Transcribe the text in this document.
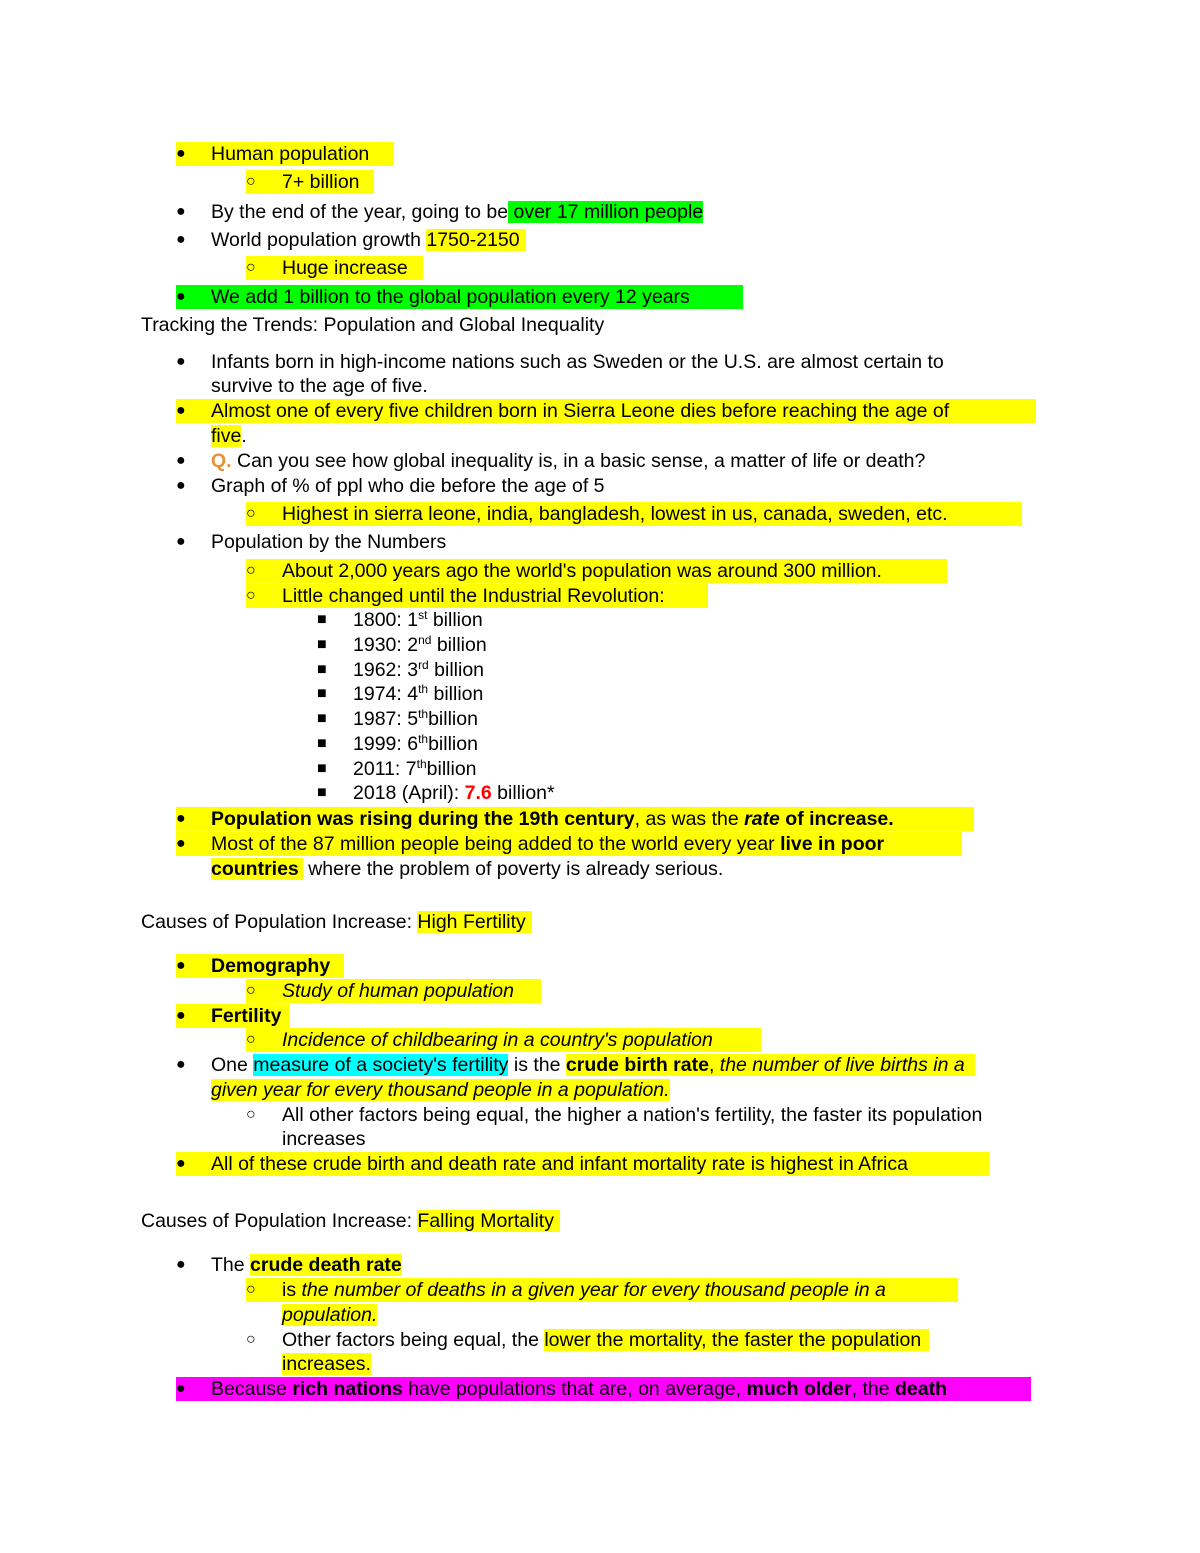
● Human population
○ 7+ billion
● By the end of the year, going to be over 17 million people
● World population growth 1750-2150
○ Huge increase
● We add 1 billion to the global population every 12 years
Tracking the Trends: Population and Global Inequality
● Infants born in high-income nations such as Sweden or the U.S. are almost certain to
survive to the age of five.
● Almost one of every five children born in Sierra Leone dies before reaching the age of
five.
● Q. Can you see how global inequality is, in a basic sense, a matter of life or death?
● Graph of % of ppl who die before the age of 5
○ Highest in sierra leone, india, bangladesh, lowest in us, canada, sweden, etc.
● Population by the Numbers
○ About 2,000 years ago the world's population was around 300 million.
○ Little changed until the Industrial Revolution:
■ 1800: 1st billion
■ 1930: 2nd billion
■ 1962: 3rd billion
■ 1974: 4th billion
■ 1987: 5thbillion
■ 1999: 6thbillion
■ 2011: 7thbillion
■ 2018 (April): 7.6 billion*
● Population was rising during the 19th century, as was the rate of increase.
● Most of the 87 million people being added to the world every year live in poor
countries where the problem of poverty is already serious.
Causes of Population Increase: High Fertility
● Demography
○ Study of human population
● Fertility
○ Incidence of childbearing in a country's population
● One measure of a society's fertility is the crude birth rate, the number of live births in a
given year for every thousand people in a population.
○ All other factors being equal, the higher a nation's fertility, the faster its population
increases
● All of these crude birth and death rate and infant mortality rate is highest in Africa
Causes of Population Increase: Falling Mortality
● The crude death rate
○ is the number of deaths in a given year for every thousand people in a
population.
○ Other factors being equal, the lower the mortality, the faster the population
increases.
● Because rich nations have populations that are, on average, much older, the death
